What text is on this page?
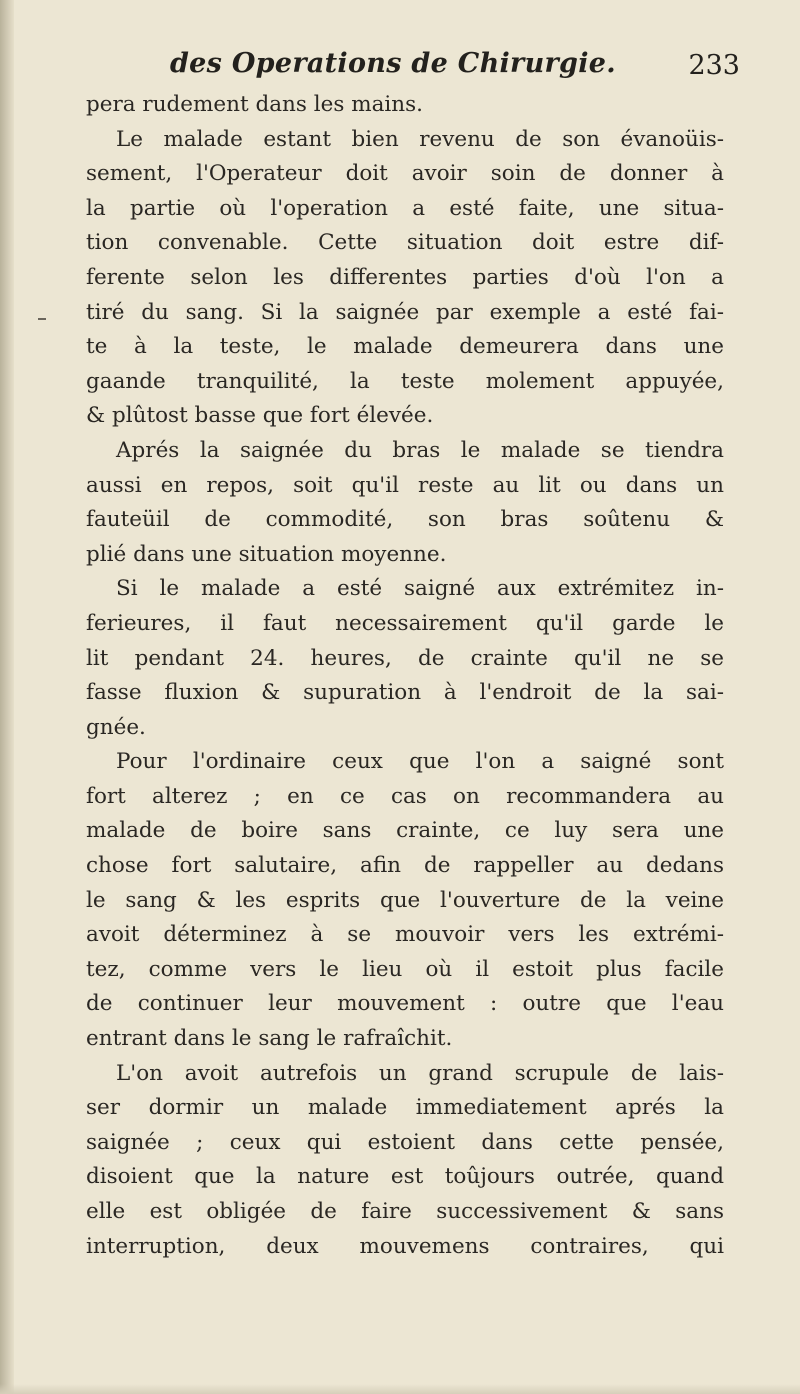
des Operations de Chirurgie.	233
pera rudement dans les mains.
Le malade estant bien revenu de son évanoüis-
sement, l'Operateur doit avoir soin de donner à
la partie où l'operation a esté faite, une situa-
tion convenable. Cette situation doit estre dif-
ferente selon les differentes parties d'où l'on a
tiré du sang. Si la saignée par exemple a esté fai-
te à la teste, le malade demeurera dans une
gaande tranquilité, la teste molement appuyée,
& plûtost basse que fort élevée.
Aprés la saignée du bras le malade se tiendra
aussi en repos, soit qu'il reste au lit ou dans un
fauteüil de commodité, son bras soûtenu &
plié dans une situation moyenne.
Si le malade a esté saigné aux extrémitez in-
ferieures, il faut necessairement qu'il garde le
lit pendant 24. heures, de crainte qu'il ne se
fasse fluxion & supuration à l'endroit de la sai-
gnée.
Pour l'ordinaire ceux que l'on a saigné sont
fort alterez ; en ce cas on recommandera au
malade de boire sans crainte, ce luy sera une
chose fort salutaire, afin de rappeller au dedans
le sang & les esprits que l'ouverture de la veine
avoit déterminez à se mouvoir vers les extrémi-
tez, comme vers le lieu où il estoit plus facile
de continuer leur mouvement : outre que l'eau
entrant dans le sang le rafraîchit.
L'on avoit autrefois un grand scrupule de lais-
ser dormir un malade immediatement aprés la
saignée ; ceux qui estoient dans cette pensée,
disoient que la nature est toûjours outrée, quand
elle est obligée de faire successivement & sans
interruption, deux mouvemens contraires, qui
